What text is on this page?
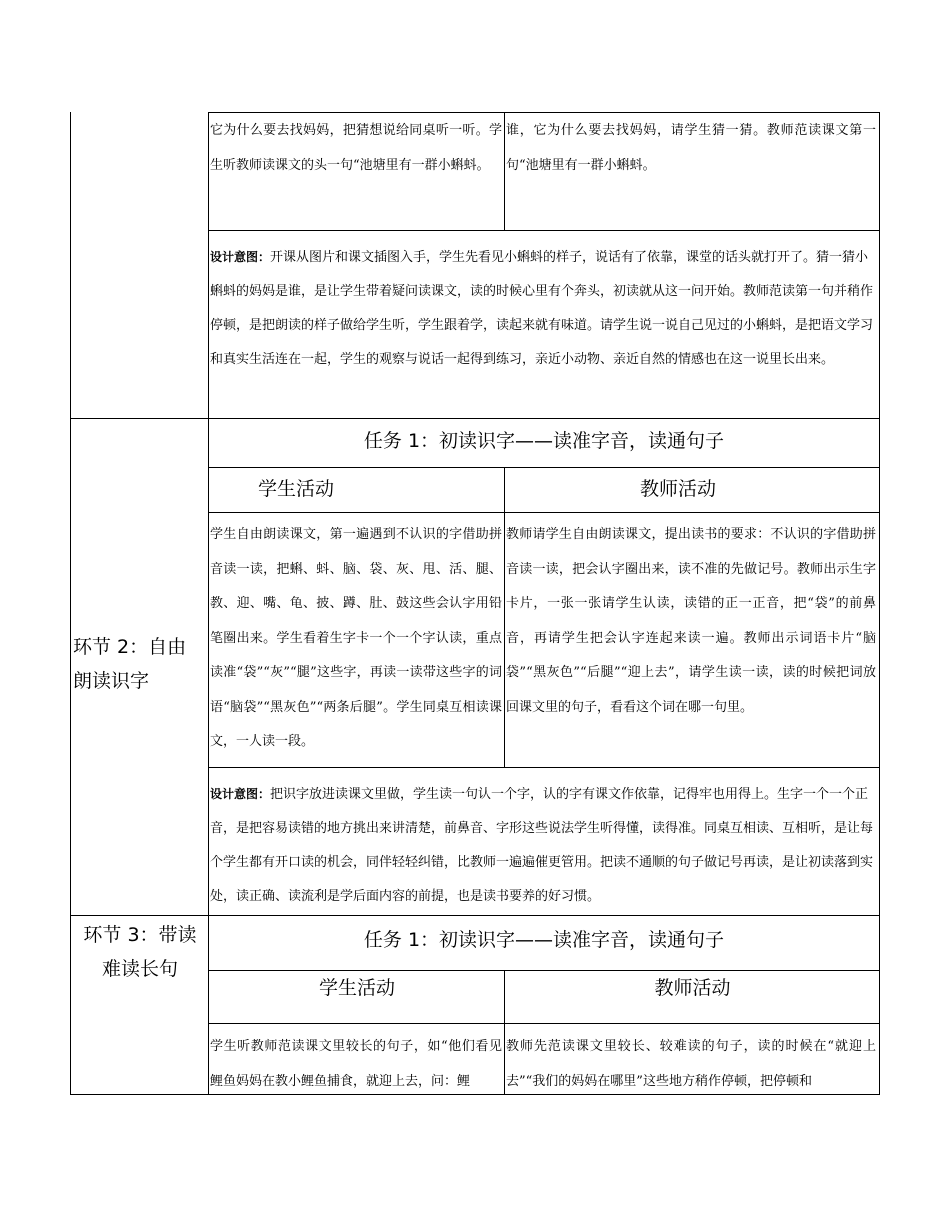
它为什么要去找妈妈，把猜想说给同桌听一听。学生听教师读课文的头一句“池塘里有一群小蝌蚪。
谁，它为什么要去找妈妈，请学生猜一猜。教师范读课文第一句“池塘里有一群小蝌蚪。
设计意图：开课从图片和课文插图入手，学生先看见小蝌蚪的样子，说话有了依靠，课堂的话头就打开了。猜一猜小蝌蚪的妈妈是谁，是让学生带着疑问读课文，读的时候心里有个奔头，初读就从这一问开始。教师范读第一句并稍作停顿，是把朗读的样子做给学生听，学生跟着学，读起来就有味道。请学生说一说自己见过的小蝌蚪，是把语文学习和真实生活连在一起，学生的观察与说话一起得到练习，亲近小动物、亲近自然的情感也在这一说里长出来。
环节 2：自由朗读识字
任务 1：初读识字——读准字音，读通句子
学生活动	教师活动
学生自由朗读课文，第一遍遇到不认识的字借助拼音读一读，把蝌、蚪、脑、袋、灰、甩、活、腿、教、迎、嘴、龟、披、蹲、肚、鼓这些会认字用铅笔圈出来。学生看着生字卡一个一个字认读，重点读准“袋”“灰”“腿”这些字，再读一读带这些字的词语“脑袋”“黑灰色”“两条后腿”。学生同桌互相读课文，一人读一段。
教师请学生自由朗读课文，提出读书的要求：不认识的字借助拼音读一读，把会认字圈出来，读不准的先做记号。教师出示生字卡片，一张一张请学生认读，读错的正一正音，把“袋”的前鼻音，再请学生把会认字连起来读一遍。教师出示词语卡片“脑袋”“黑灰色”“后腿”“迎上去”，请学生读一读，读的时候把词放回课文里的句子，看看这个词在哪一句里。
设计意图：把识字放进读课文里做，学生读一句认一个字，认的字有课文作依靠，记得牢也用得上。生字一个一个正音，是把容易读错的地方挑出来讲清楚，前鼻音、字形这些说法学生听得懂，读得准。同桌互相读、互相听，是让每个学生都有开口读的机会，同伴轻轻纠错，比教师一遍遍催更管用。把读不通顺的句子做记号再读，是让初读落到实处，读正确、读流利是学后面内容的前提，也是读书要养的好习惯。
环节 3：带读难读长句
任务 1：初读识字——读准字音，读通句子
学生活动	教师活动
学生听教师范读课文里较长的句子，如“他们看见鲤鱼妈妈在教小鲤鱼捕食，就迎上去，问：鲤
教师先范读课文里较长、较难读的句子，读的时候在“就迎上去”“我们的妈妈在哪里”这些地方稍作停顿，把停顿和
